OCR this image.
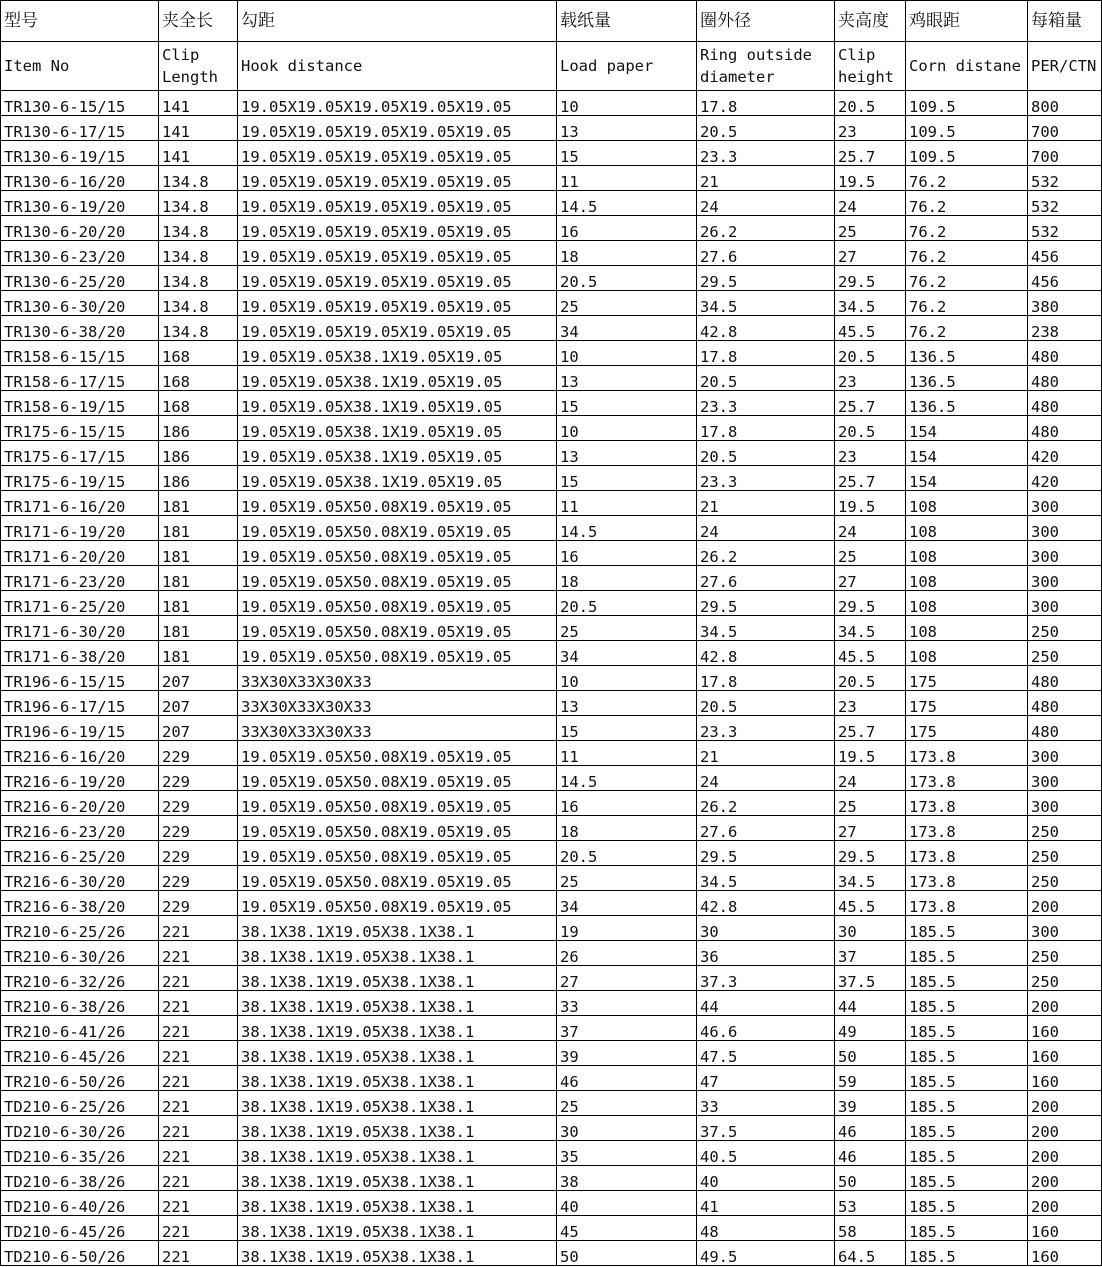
型号	夹全长	勾距	载纸量	圈外径	夹高度	鸡眼距	每箱量
Item No	Clip Length	Hook distance	Load paper	Ring outside diameter	Clip height	Corn distane	PER/CTN
TR130-6-15/15	141	19.05X19.05X19.05X19.05X19.05	10	17.8	20.5	109.5	800
TR130-6-17/15	141	19.05X19.05X19.05X19.05X19.05	13	20.5	23	109.5	700
TR130-6-19/15	141	19.05X19.05X19.05X19.05X19.05	15	23.3	25.7	109.5	700
TR130-6-16/20	134.8	19.05X19.05X19.05X19.05X19.05	11	21	19.5	76.2	532
TR130-6-19/20	134.8	19.05X19.05X19.05X19.05X19.05	14.5	24	24	76.2	532
TR130-6-20/20	134.8	19.05X19.05X19.05X19.05X19.05	16	26.2	25	76.2	532
TR130-6-23/20	134.8	19.05X19.05X19.05X19.05X19.05	18	27.6	27	76.2	456
TR130-6-25/20	134.8	19.05X19.05X19.05X19.05X19.05	20.5	29.5	29.5	76.2	456
TR130-6-30/20	134.8	19.05X19.05X19.05X19.05X19.05	25	34.5	34.5	76.2	380
TR130-6-38/20	134.8	19.05X19.05X19.05X19.05X19.05	34	42.8	45.5	76.2	238
TR158-6-15/15	168	19.05X19.05X38.1X19.05X19.05	10	17.8	20.5	136.5	480
TR158-6-17/15	168	19.05X19.05X38.1X19.05X19.05	13	20.5	23	136.5	480
TR158-6-19/15	168	19.05X19.05X38.1X19.05X19.05	15	23.3	25.7	136.5	480
TR175-6-15/15	186	19.05X19.05X38.1X19.05X19.05	10	17.8	20.5	154	480
TR175-6-17/15	186	19.05X19.05X38.1X19.05X19.05	13	20.5	23	154	420
TR175-6-19/15	186	19.05X19.05X38.1X19.05X19.05	15	23.3	25.7	154	420
TR171-6-16/20	181	19.05X19.05X50.08X19.05X19.05	11	21	19.5	108	300
TR171-6-19/20	181	19.05X19.05X50.08X19.05X19.05	14.5	24	24	108	300
TR171-6-20/20	181	19.05X19.05X50.08X19.05X19.05	16	26.2	25	108	300
TR171-6-23/20	181	19.05X19.05X50.08X19.05X19.05	18	27.6	27	108	300
TR171-6-25/20	181	19.05X19.05X50.08X19.05X19.05	20.5	29.5	29.5	108	300
TR171-6-30/20	181	19.05X19.05X50.08X19.05X19.05	25	34.5	34.5	108	250
TR171-6-38/20	181	19.05X19.05X50.08X19.05X19.05	34	42.8	45.5	108	250
TR196-6-15/15	207	33X30X33X30X33	10	17.8	20.5	175	480
TR196-6-17/15	207	33X30X33X30X33	13	20.5	23	175	480
TR196-6-19/15	207	33X30X33X30X33	15	23.3	25.7	175	480
TR216-6-16/20	229	19.05X19.05X50.08X19.05X19.05	11	21	19.5	173.8	300
TR216-6-19/20	229	19.05X19.05X50.08X19.05X19.05	14.5	24	24	173.8	300
TR216-6-20/20	229	19.05X19.05X50.08X19.05X19.05	16	26.2	25	173.8	300
TR216-6-23/20	229	19.05X19.05X50.08X19.05X19.05	18	27.6	27	173.8	250
TR216-6-25/20	229	19.05X19.05X50.08X19.05X19.05	20.5	29.5	29.5	173.8	250
TR216-6-30/20	229	19.05X19.05X50.08X19.05X19.05	25	34.5	34.5	173.8	250
TR216-6-38/20	229	19.05X19.05X50.08X19.05X19.05	34	42.8	45.5	173.8	200
TR210-6-25/26	221	38.1X38.1X19.05X38.1X38.1	19	30	30	185.5	300
TR210-6-30/26	221	38.1X38.1X19.05X38.1X38.1	26	36	37	185.5	250
TR210-6-32/26	221	38.1X38.1X19.05X38.1X38.1	27	37.3	37.5	185.5	250
TR210-6-38/26	221	38.1X38.1X19.05X38.1X38.1	33	44	44	185.5	200
TR210-6-41/26	221	38.1X38.1X19.05X38.1X38.1	37	46.6	49	185.5	160
TR210-6-45/26	221	38.1X38.1X19.05X38.1X38.1	39	47.5	50	185.5	160
TR210-6-50/26	221	38.1X38.1X19.05X38.1X38.1	46	47	59	185.5	160
TD210-6-25/26	221	38.1X38.1X19.05X38.1X38.1	25	33	39	185.5	200
TD210-6-30/26	221	38.1X38.1X19.05X38.1X38.1	30	37.5	46	185.5	200
TD210-6-35/26	221	38.1X38.1X19.05X38.1X38.1	35	40.5	46	185.5	200
TD210-6-38/26	221	38.1X38.1X19.05X38.1X38.1	38	40	50	185.5	200
TD210-6-40/26	221	38.1X38.1X19.05X38.1X38.1	40	41	53	185.5	200
TD210-6-45/26	221	38.1X38.1X19.05X38.1X38.1	45	48	58	185.5	160
TD210-6-50/26	221	38.1X38.1X19.05X38.1X38.1	50	49.5	64.5	185.5	160
